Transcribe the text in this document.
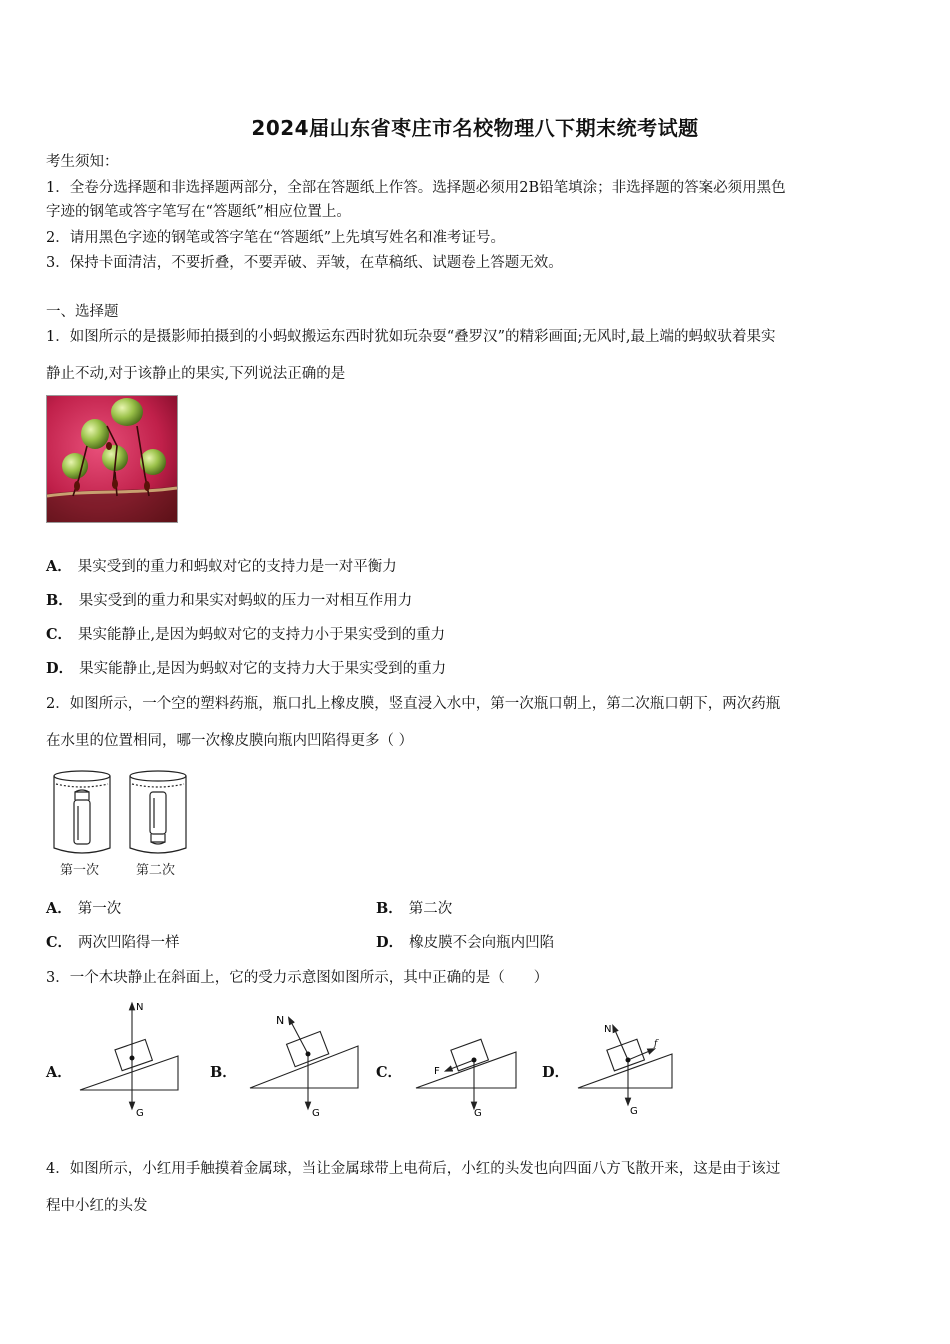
2024届山东省枣庄市名校物理八下期末统考试题
考生须知：
1．全卷分选择题和非选择题两部分，全部在答题纸上作答。选择题必须用2B铅笔填涂；非选择题的答案必须用黑色
字迹的钢笔或答字笔写在“答题纸”相应位置上。
2．请用黑色字迹的钢笔或答字笔在“答题纸”上先填写姓名和准考证号。
3．保持卡面清洁，不要折叠，不要弄破、弄皱，在草稿纸、试题卷上答题无效。
一、选择题
1．如图所示的是摄影师拍摄到的小蚂蚁搬运东西时犹如玩杂耍“叠罗汉”的精彩画面;无风时,最上端的蚂蚁驮着果实
静止不动,对于该静止的果实,下列说法正确的是
A． 果实受到的重力和蚂蚁对它的支持力是一对平衡力
B． 果实受到的重力和果实对蚂蚁的压力一对相互作用力
C． 果实能静止,是因为蚂蚁对它的支持力小于果实受到的重力
D． 果实能静止,是因为蚂蚁对它的支持力大于果实受到的重力
2．如图所示，一个空的塑料药瓶，瓶口扎上橡皮膜，竖直浸入水中，第一次瓶口朝上，第二次瓶口朝下，两次药瓶
在水里的位置相同，哪一次橡皮膜向瓶内凹陷得更多（ ）
第一次	第二次
A． 第一次	B． 第二次
C． 两次凹陷得一样	D． 橡皮膜不会向瓶内凹陷
3．一个木块静止在斜面上，它的受力示意图如图所示，其中正确的是（　　）
A．	B．	C．	D．
N
G
N
G
F
G
N
f
G
4．如图所示，小红用手触摸着金属球，当让金属球带上电荷后，小红的头发也向四面八方飞散开来，这是由于该过
程中小红的头发
